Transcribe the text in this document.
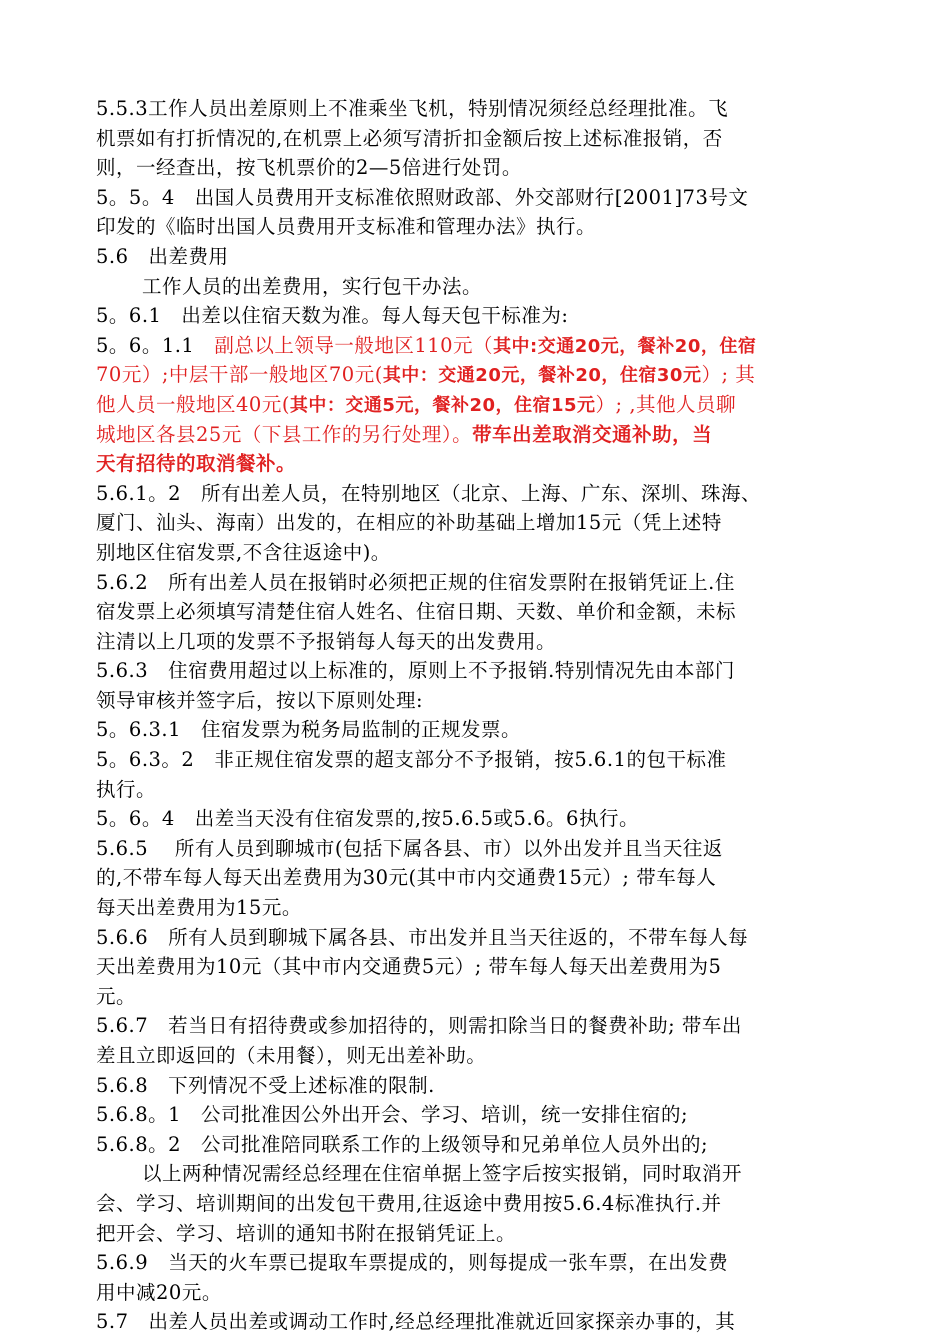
5.5.3工作人员出差原则上不准乘坐飞机，特别情况须经总经理批准。飞
机票如有打折情况的,在机票上必须写清折扣金额后按上述标准报销，否
则，一经查出，按飞机票价的2—5倍进行处罚。
5。5。4　出国人员费用开支标准依照财政部、外交部财行[2001]73号文
印发的《临时出国人员费用开支标准和管理办法》执行。
5.6　出差费用
工作人员的出差费用，实行包干办法。
5。6.1　出差以住宿天数为准。每人每天包干标准为:
5。6。1.1　副总以上领导一般地区110元（其中:交通20元，餐补20，住宿
70元）;中层干部一般地区70元(其中：交通20元，餐补20，住宿30元）; 其
他人员一般地区40元(其中：交通5元，餐补20，住宿15元）; ,其他人员聊
城地区各县25元（下县工作的另行处理）。带车出差取消交通补助，当
天有招待的取消餐补。
5.6.1。2　所有出差人员，在特别地区（北京、上海、广东、深圳、珠海、
厦门、汕头、海南）出发的，在相应的补助基础上增加15元（凭上述特
别地区住宿发票,不含往返途中)。
5.6.2　所有出差人员在报销时必须把正规的住宿发票附在报销凭证上.住
宿发票上必须填写清楚住宿人姓名、住宿日期、天数、单价和金额，未标
注清以上几项的发票不予报销每人每天的出发费用。
5.6.3　住宿费用超过以上标准的，原则上不予报销.特别情况先由本部门
领导审核并签字后，按以下原则处理:
5。6.3.1　住宿发票为税务局监制的正规发票。
5。6.3。2　非正规住宿发票的超支部分不予报销，按5.6.1的包干标准
执行。
5。6。4　出差当天没有住宿发票的,按5.6.5或5.6。6执行。
5.6.5　 所有人员到聊城市(包括下属各县、市）以外出发并且当天往返
的,不带车每人每天出差费用为30元(其中市内交通费15元）; 带车每人
每天出差费用为15元。
5.6.6　所有人员到聊城下属各县、市出发并且当天往返的，不带车每人每
天出差费用为10元（其中市内交通费5元）; 带车每人每天出差费用为5
元。
5.6.7　若当日有招待费或参加招待的，则需扣除当日的餐费补助; 带车出
差且立即返回的（未用餐），则无出差补助。
5.6.8　下列情况不受上述标准的限制.
5.6.8。1　公司批准因公外出开会、学习、培训，统一安排住宿的;
5.6.8。2　公司批准陪同联系工作的上级领导和兄弟单位人员外出的;
以上两种情况需经总经理在住宿单据上签字后按实报销，同时取消开
会、学习、培训期间的出发包干费用,往返途中费用按5.6.4标准执行.并
把开会、学习、培训的通知书附在报销凭证上。
5.6.9　当天的火车票已提取车票提成的，则每提成一张车票，在出发费
用中减20元。
5.7　出差人员出差或调动工作时,经总经理批准就近回家探亲办事的，其
